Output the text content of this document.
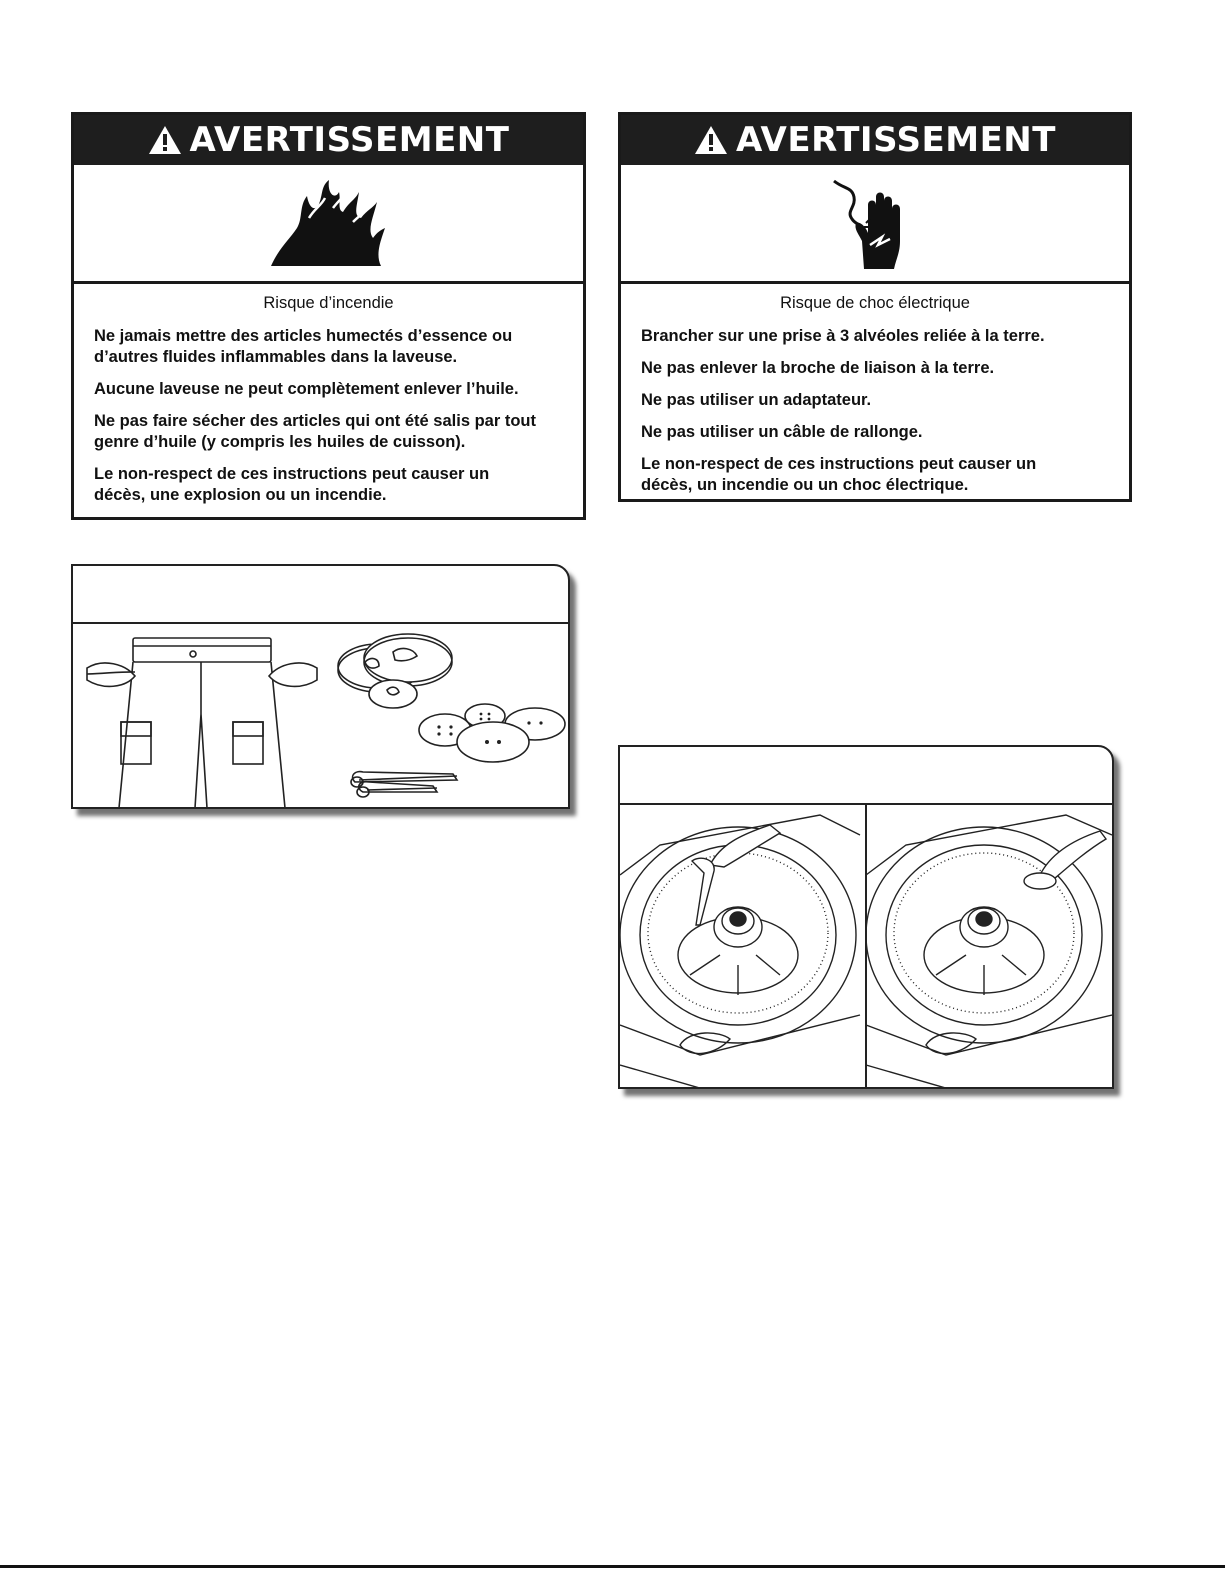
AVERTISSEMENT
Risque d’incendie

Ne jamais mettre des articles humectés d’essence ou d’autres fluides inflammables dans la laveuse.

Aucune laveuse ne peut complètement enlever l’huile.

Ne pas faire sécher des articles qui ont été salis par tout genre d’huile (y compris les huiles de cuisson).

Le non-respect de ces instructions peut causer un décès, une explosion ou un incendie.

AVERTISSEMENT
Risque de choc électrique

Brancher sur une prise à 3 alvéoles reliée à la terre.

Ne pas enlever la broche de liaison à la terre.

Ne pas utiliser un adaptateur.

Ne pas utiliser un câble de rallonge.

Le non-respect de ces instructions peut causer un décès, un incendie ou un choc électrique.
